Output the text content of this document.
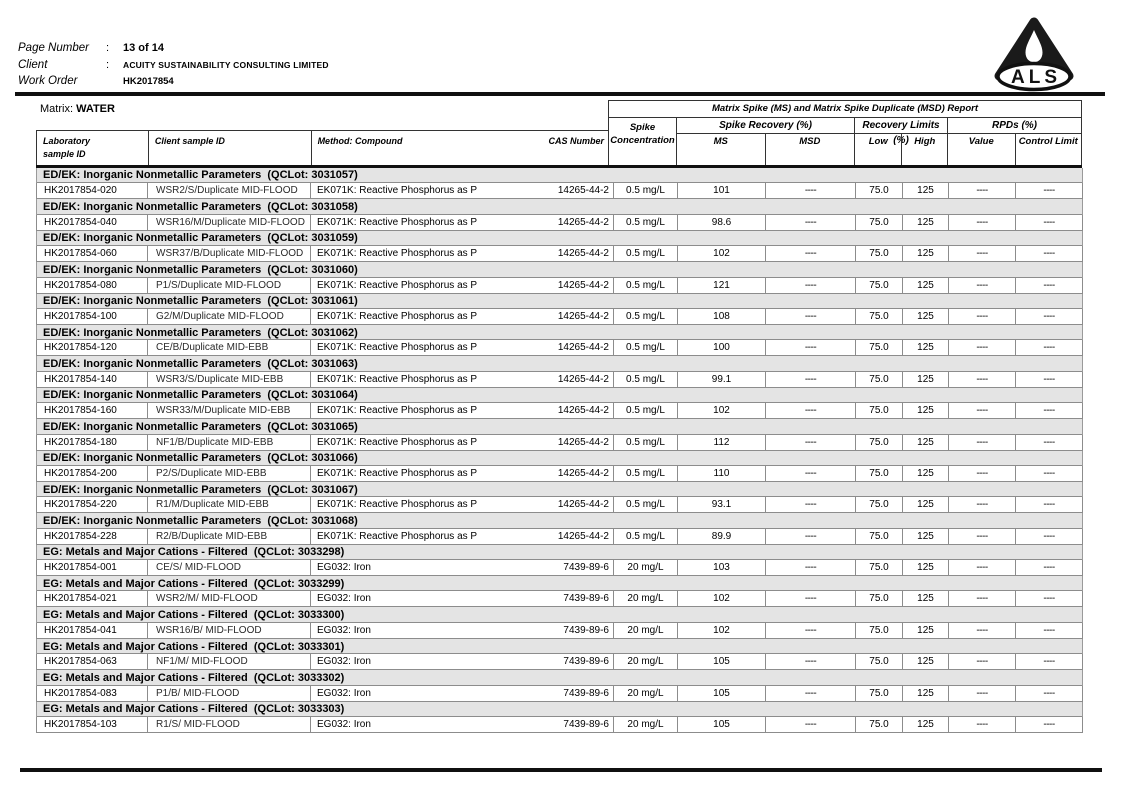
Page Number	:	13 of 14
Client	:	ACUITY SUSTAINABILITY CONSULTING LIMITED
Work Order	HK2017854	ALS
Matrix: WATER	Matrix Spike (MS) and Matrix Spike Duplicate (MSD) Report
Spike Concentration
Spike Recovery (%)
MS	MSD
Recovery Limits (%)
Low	High
RPDs (%)
Value	Control Limit
Laboratory sample ID
Client sample ID	Method: Compound	CAS Number
ED/EK: Inorganic Nonmetallic Parameters  (QCLot: 3031057)									
HK2017854-020	WSR2/S/Duplicate MID-FLOOD	EK071K: Reactive Phosphorus as P 14265-44-2	0.5 mg/L	101	----	75.0	125	----	----
ED/EK: Inorganic Nonmetallic Parameters  (QCLot: 3031058)									
HK2017854-040	WSR16/M/Duplicate MID-FLOOD	EK071K: Reactive Phosphorus as P 14265-44-2	0.5 mg/L	98.6	----	75.0	125	----	----
ED/EK: Inorganic Nonmetallic Parameters  (QCLot: 3031059)									
HK2017854-060	WSR37/B/Duplicate MID-FLOOD	EK071K: Reactive Phosphorus as P 14265-44-2	0.5 mg/L	102	----	75.0	125	----	----
ED/EK: Inorganic Nonmetallic Parameters  (QCLot: 3031060)									
HK2017854-080	P1/S/Duplicate MID-FLOOD	EK071K: Reactive Phosphorus as P 14265-44-2	0.5 mg/L	121	----	75.0	125	----	----
ED/EK: Inorganic Nonmetallic Parameters  (QCLot: 3031061)									
HK2017854-100	G2/M/Duplicate MID-FLOOD	EK071K: Reactive Phosphorus as P 14265-44-2	0.5 mg/L	108	----	75.0	125	----	----
ED/EK: Inorganic Nonmetallic Parameters  (QCLot: 3031062)									
HK2017854-120	CE/B/Duplicate MID-EBB	EK071K: Reactive Phosphorus as P 14265-44-2	0.5 mg/L	100	----	75.0	125	----	----
ED/EK: Inorganic Nonmetallic Parameters  (QCLot: 3031063)									
HK2017854-140	WSR3/S/Duplicate MID-EBB	EK071K: Reactive Phosphorus as P 14265-44-2	0.5 mg/L	99.1	----	75.0	125	----	----
ED/EK: Inorganic Nonmetallic Parameters  (QCLot: 3031064)									
HK2017854-160	WSR33/M/Duplicate MID-EBB	EK071K: Reactive Phosphorus as P 14265-44-2	0.5 mg/L	102	----	75.0	125	----	----
ED/EK: Inorganic Nonmetallic Parameters  (QCLot: 3031065)									
HK2017854-180	NF1/B/Duplicate MID-EBB	EK071K: Reactive Phosphorus as P 14265-44-2	0.5 mg/L	112	----	75.0	125	----	----
ED/EK: Inorganic Nonmetallic Parameters  (QCLot: 3031066)									
HK2017854-200	P2/S/Duplicate MID-EBB	EK071K: Reactive Phosphorus as P 14265-44-2	0.5 mg/L	110	----	75.0	125	----	----
ED/EK: Inorganic Nonmetallic Parameters  (QCLot: 3031067)									
HK2017854-220	R1/M/Duplicate MID-EBB	EK071K: Reactive Phosphorus as P 14265-44-2	0.5 mg/L	93.1	----	75.0	125	----	----
ED/EK: Inorganic Nonmetallic Parameters  (QCLot: 3031068)									
HK2017854-228	R2/B/Duplicate MID-EBB	EK071K: Reactive Phosphorus as P 14265-44-2	0.5 mg/L	89.9	----	75.0	125	----	----
EG: Metals and Major Cations - Filtered  (QCLot: 3033298)									
HK2017854-001	CE/S/ MID-FLOOD	EG032: Iron 7439-89-6	20 mg/L	103	----	75.0	125	----	----
EG: Metals and Major Cations - Filtered  (QCLot: 3033299)									
HK2017854-021	WSR2/M/ MID-FLOOD	EG032: Iron 7439-89-6	20 mg/L	102	----	75.0	125	----	----
EG: Metals and Major Cations - Filtered  (QCLot: 3033300)									
HK2017854-041	WSR16/B/ MID-FLOOD	EG032: Iron 7439-89-6	20 mg/L	102	----	75.0	125	----	----
EG: Metals and Major Cations - Filtered  (QCLot: 3033301)									
HK2017854-063	NF1/M/ MID-FLOOD	EG032: Iron 7439-89-6	20 mg/L	105	----	75.0	125	----	----
EG: Metals and Major Cations - Filtered  (QCLot: 3033302)									
HK2017854-083	P1/B/ MID-FLOOD	EG032: Iron 7439-89-6	20 mg/L	105	----	75.0	125	----	----
EG: Metals and Major Cations - Filtered  (QCLot: 3033303)									
HK2017854-103	R1/S/ MID-FLOOD	EG032: Iron 7439-89-6	20 mg/L	105	----	75.0	125	----	----
